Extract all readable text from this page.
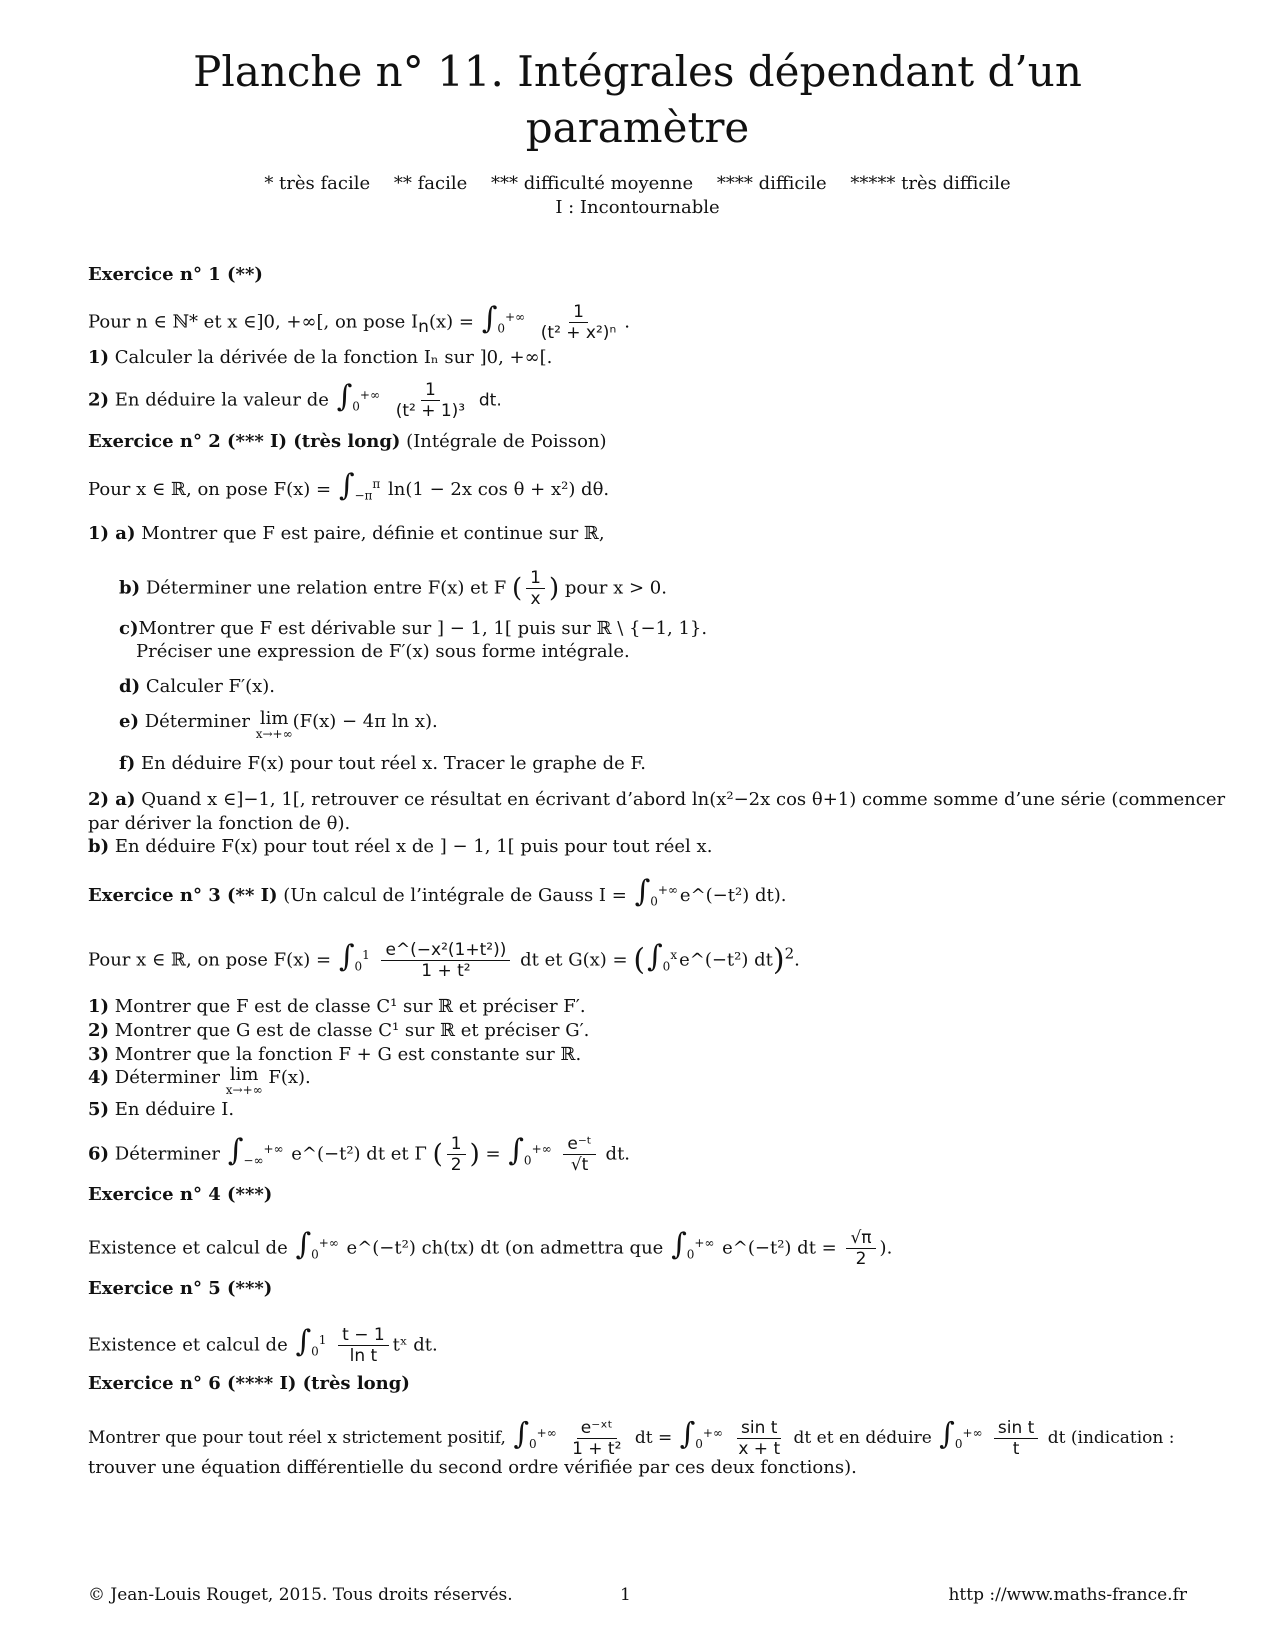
Planche n° 11. Intégrales dépendant d’un
paramètre
* très facile ** facile *** difficulté moyenne **** difficile ***** très difficile
I : Incontournable
Exercice n° 1 (**)
Pour n ∈ ℕ* et x ∈]0, +∞[, on pose $I_n(x) = \int_0^{+\infty} \frac{1}{\text{(t² + x²)ⁿ}}$ .
1) Calculer la dérivée de la fonction Iₙ sur ]0, +∞[.
2) En déduire la valeur de $\int_0^{+\infty} \frac{1}{\text{(t² + 1)³}}$ dt.
Exercice n° 2 (*** I) (très long) (Intégrale de Poisson)
Pour x ∈ ℝ, on pose $F(x) = \int_{-\pi}^\pi$ ln(1 − 2x cos θ + x²) dθ.
1) a) Montrer que F est paire, définie et continue sur ℝ,
b) Déterminer une relation entre F(x) et F ( $\frac{1}{x}$ ) pour x > 0.
c)Montrer que F est dérivable sur ] − 1, 1[ puis sur ℝ \ {−1, 1}.
Préciser une expression de F′(x) sous forme intégrale.
d) Calculer F′(x).
e) Déterminer lim
x→+∞
(F(x) − 4π ln x).
f) En déduire F(x) pour tout réel x. Tracer le graphe de F.
2) a) Quand x ∈]−1, 1[, retrouver ce résultat en écrivant d’abord ln(x²−2x cos θ+1) comme somme d’une série (commencer
par dériver la fonction de θ).
b) En déduire F(x) pour tout réel x de ] − 1, 1[ puis pour tout réel x.
Exercice n° 3 (** I) (Un calcul de l’intégrale de Gauss $I = \int_0^{+\infty}$ e^(−t²) dt).
Pour x ∈ ℝ, on pose $F(x) = \int_0^1 \frac{\text{e\textasciicircum{}(−x²(1+t²))}}{\text{1 + t²}}$ dt et $G(x) = (\int_0^x$ e^(−t²) dt)$^2$.
1) Montrer que F est de classe C¹ sur ℝ et préciser F′.
2) Montrer que G est de classe C¹ sur ℝ et préciser G′.
3) Montrer que la fonction F + G est constante sur ℝ.
4) Déterminer lim
x→+∞
F(x).
5) En déduire I.
6) Déterminer $\int_{-\infty}^{+\infty}$ e^(−t²) dt et Γ ( $\frac{1}{2}$ ) = $\int_0^{+\infty} \frac{\text{e⁻ᵗ}}{√t}$ dt.
Exercice n° 4 (***)
Existence et calcul de $\int_0^{+\infty}$ e^(−t²) ch(tx) dt (on admettra que $\int_0^{+\infty}$ e^(−t²) dt = $\frac{√\pi}{2}$ ).
Exercice n° 5 (***)
Existence et calcul de $\int_0^1 \frac{t - 1}{\text{ln t}}$ tˣ dt.
Exercice n° 6 (**** I) (très long)
Montrer que pour tout réel x strictement positif, $\int_0^{+\infty} \frac{\text{e⁻ˣᵗ}}{\text{1 + t²}}$ dt = $\int_0^{+\infty} \frac{\text{sin t}}{x + t}$ dt et en déduire $\int_0^{+\infty} \frac{\text{sin t}}{t}$ dt (indication :
trouver une équation différentielle du second ordre vérifiée par ces deux fonctions).
© Jean-Louis Rouget, 2015. Tous droits réservés.	1	http ://www.maths-france.fr
